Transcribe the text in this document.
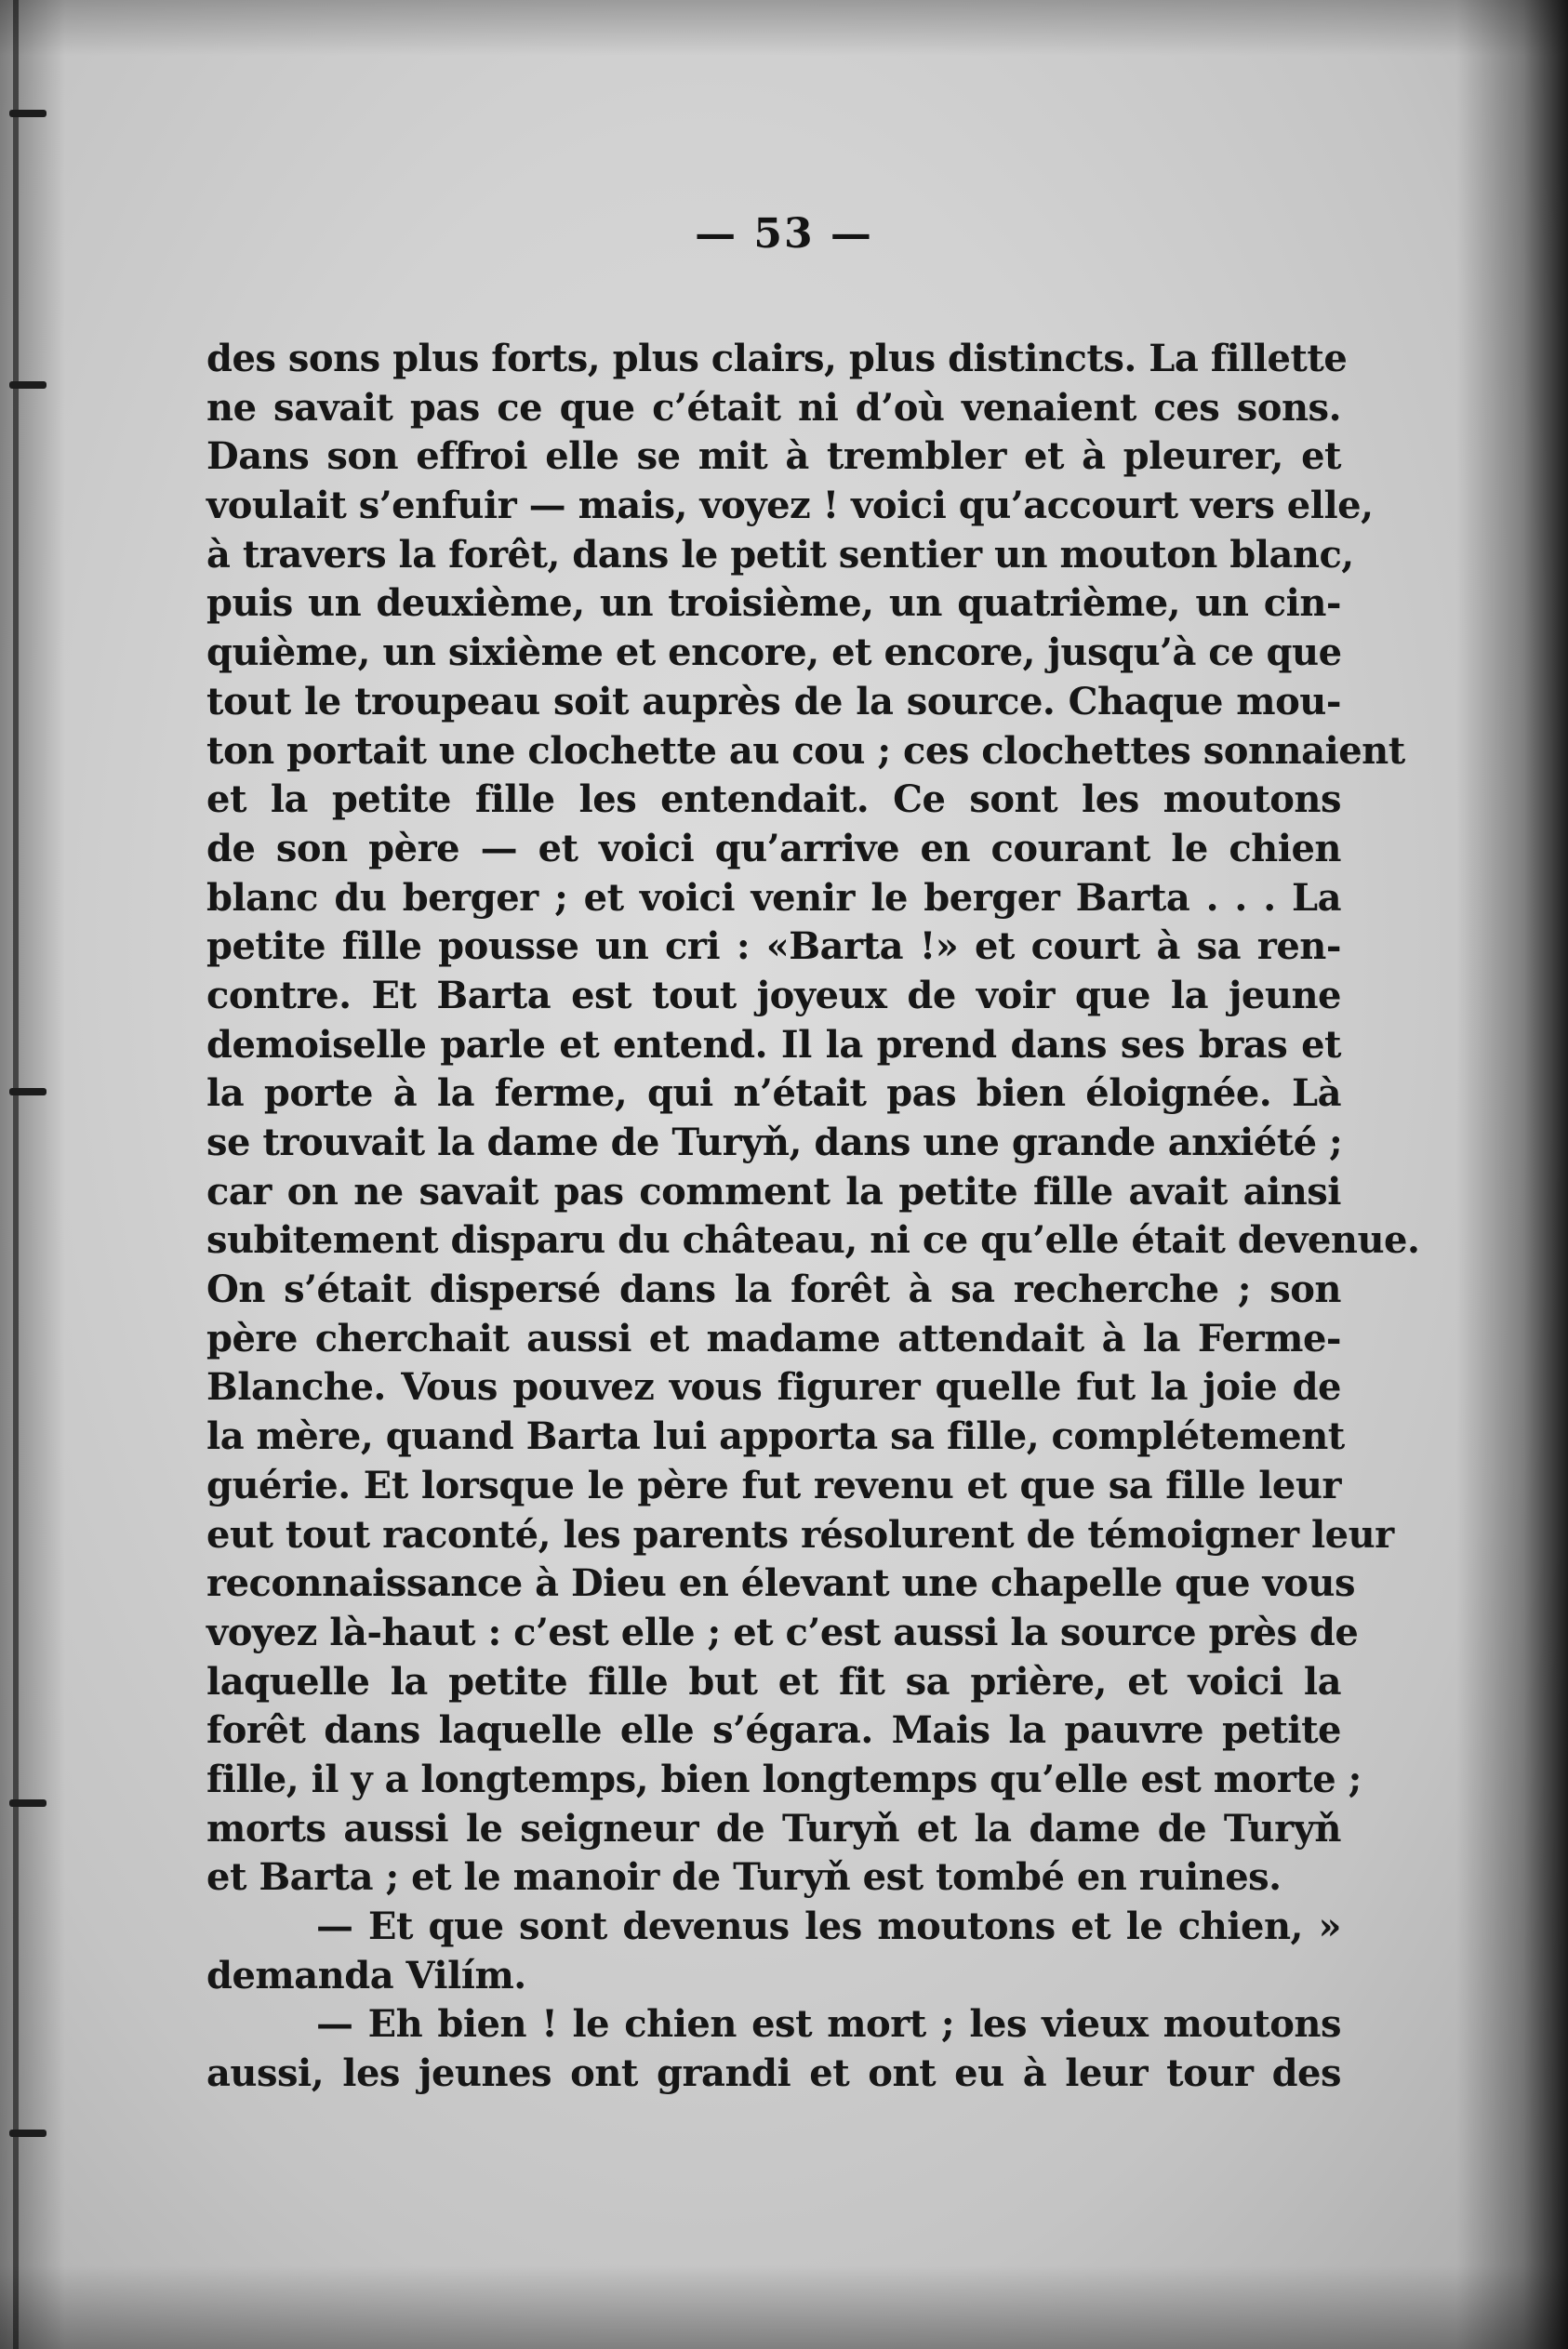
— 53 —
des sons plus forts, plus clairs, plus distincts. La fillette
ne savait pas ce que c’était ni d’où venaient ces sons.
Dans son effroi elle se mit à trembler et à pleurer, et
voulait s’enfuir — mais, voyez ! voici qu’accourt vers elle,
à travers la forêt, dans le petit sentier un mouton blanc,
puis un deuxième, un troisième, un quatrième, un cin-
quième, un sixième et encore, et encore, jusqu’à ce que
tout le troupeau soit auprès de la source. Chaque mou-
ton portait une clochette au cou ; ces clochettes sonnaient
et la petite fille les entendait. Ce sont les moutons
de son père — et voici qu’arrive en courant le chien
blanc du berger ; et voici venir le berger Barta . . . La
petite fille pousse un cri : «Barta !» et court à sa ren-
contre. Et Barta est tout joyeux de voir que la jeune
demoiselle parle et entend. Il la prend dans ses bras et
la porte à la ferme, qui n’était pas bien éloignée. Là
se trouvait la dame de Turyň, dans une grande anxiété ;
car on ne savait pas comment la petite fille avait ainsi
subitement disparu du château, ni ce qu’elle était devenue.
On s’était dispersé dans la forêt à sa recherche ; son
père cherchait aussi et madame attendait à la Ferme-
Blanche. Vous pouvez vous figurer quelle fut la joie de
la mère, quand Barta lui apporta sa fille, complétement
guérie. Et lorsque le père fut revenu et que sa fille leur
eut tout raconté, les parents résolurent de témoigner leur
reconnaissance à Dieu en élevant une chapelle que vous
voyez là-haut : c’est elle ; et c’est aussi la source près de
laquelle la petite fille but et fit sa prière, et voici la
forêt dans laquelle elle s’égara. Mais la pauvre petite
fille, il y a longtemps, bien longtemps qu’elle est morte ;
morts aussi le seigneur de Turyň et la dame de Turyň
et Barta ; et le manoir de Turyň est tombé en ruines.
— Et que sont devenus les moutons et le chien, »
demanda Vilím.
— Eh bien ! le chien est mort ; les vieux moutons
aussi, les jeunes ont grandi et ont eu à leur tour des
